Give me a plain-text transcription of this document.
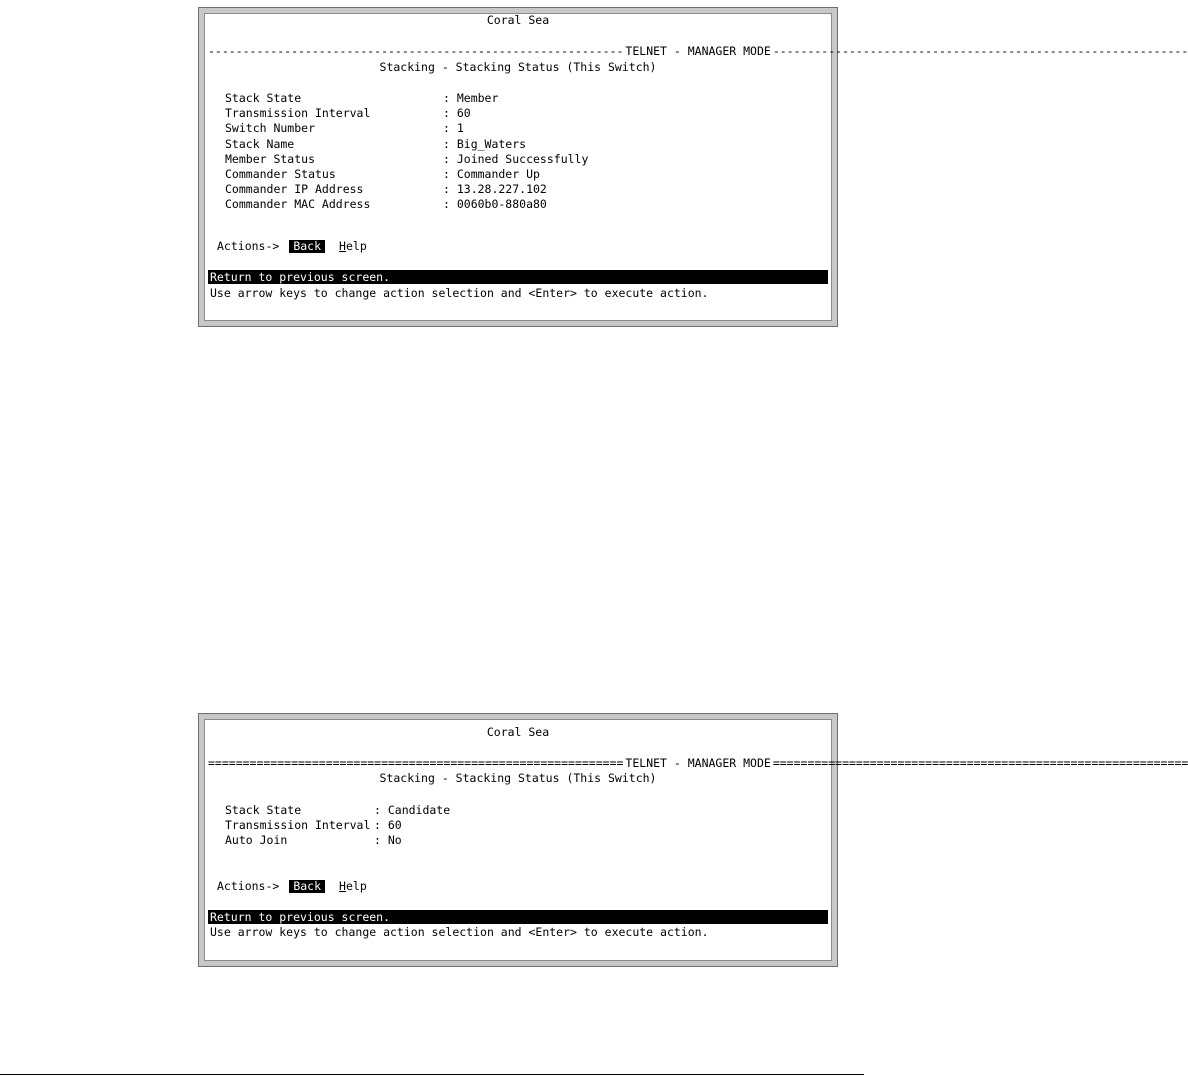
Coral Sea
------------------------------------------------------------ TELNET - MANAGER MODE ------------------------------------------------------------
Stacking - Stacking Status (This Switch)
Stack State	: Member
Transmission Interval	: 60
Switch Number	: 1
Stack Name	: Big_Waters
Member Status	: Joined Successfully
Commander Status	: Commander Up
Commander IP Address	: 13.28.227.102
Commander MAC Address	: 0060b0-880a80
Actions->	Back	Help
Return to previous screen.
Use arrow keys to change action selection and <Enter> to execute action.
Coral Sea
============================================================ TELNET - MANAGER MODE ============================================================
Stacking - Stacking Status (This Switch)
Stack State	: Candidate
Transmission Interval : 60
Auto Join	: No
Actions->	Back	Help
Return to previous screen.
Use arrow keys to change action selection and <Enter> to execute action.
